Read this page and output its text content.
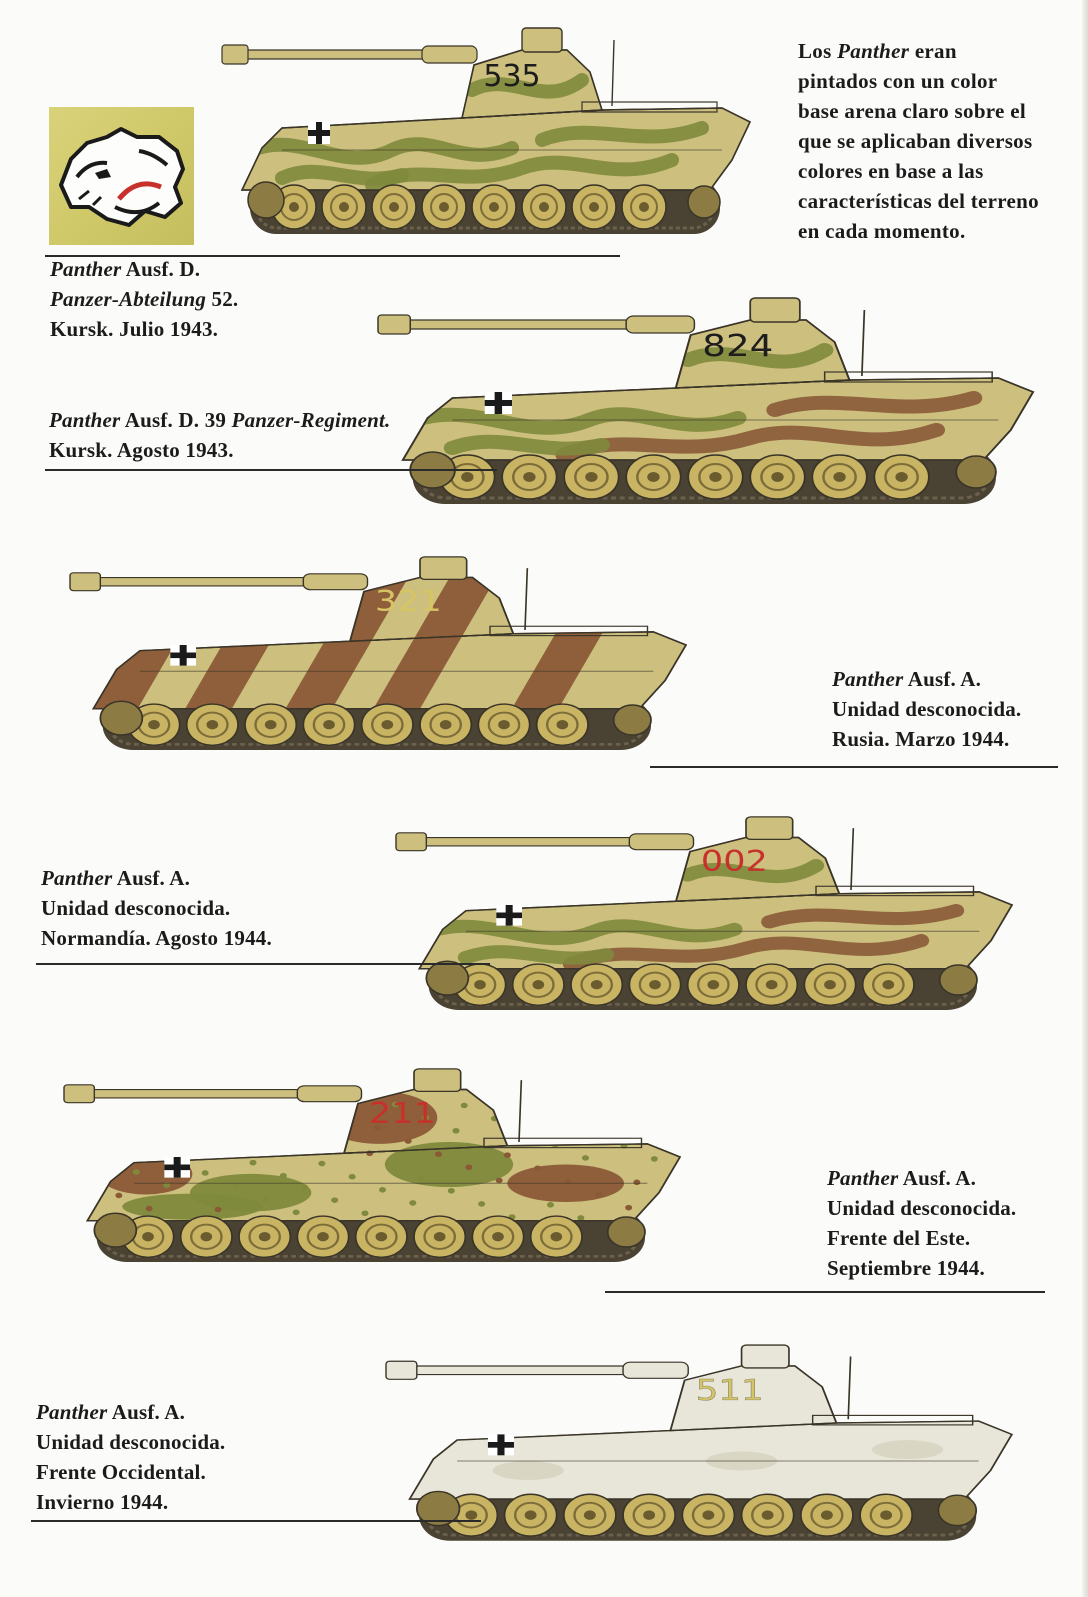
Los Panther eran
pintados con un color
base arena claro sobre el
que se aplicaban diversos
colores en base a las
características del terreno
en cada momento.
535
824
321
002
211
511
Panther Ausf. D.
Panzer-Abteilung 52.
Kursk. Julio 1943.
Panther Ausf. D. 39 Panzer-Regiment.
Kursk. Agosto 1943.
Panther Ausf. A.
Unidad desconocida.
Rusia. Marzo 1944.
Panther Ausf. A.
Unidad desconocida.
Normandía. Agosto 1944.
Panther Ausf. A.
Unidad desconocida.
Frente del Este.
Septiembre 1944.
Panther Ausf. A.
Unidad desconocida.
Frente Occidental.
Invierno 1944.
